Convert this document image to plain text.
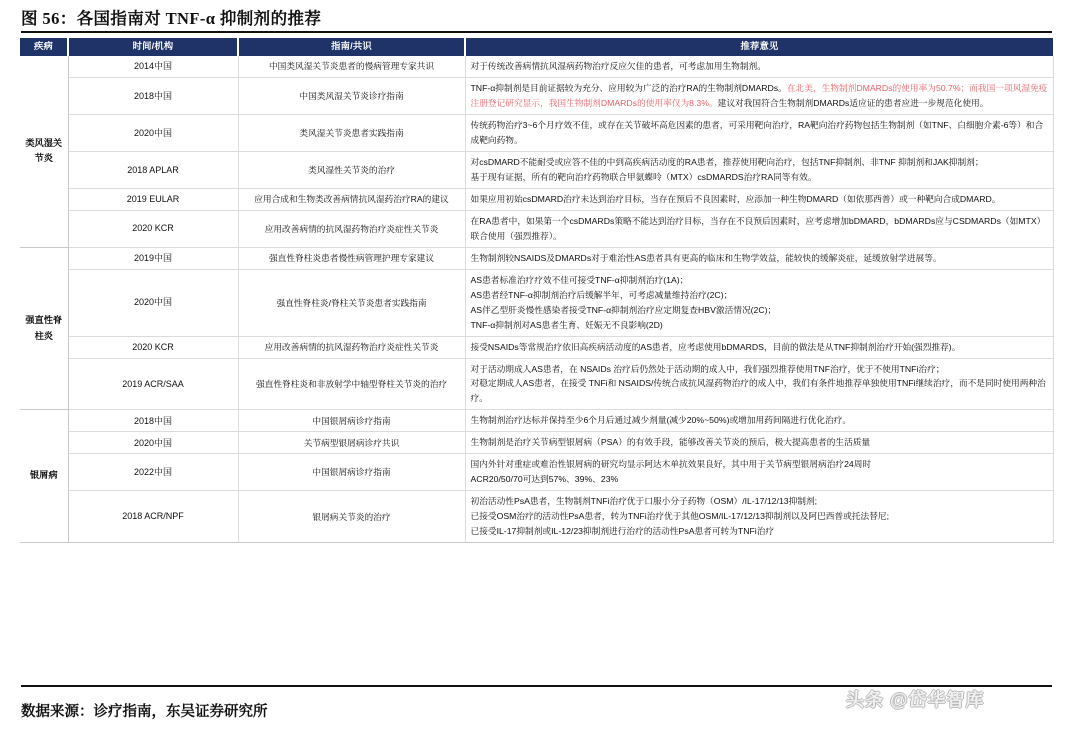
图 56：各国指南对 TNF-α 抑制剂的推荐
疾病	时间/机构	指南/共识	推荐意见
类风湿关节炎	2014中国	中国类风湿关节炎患者的慢病管理专家共识	对于传统改善病情抗风湿病药物治疗反应欠佳的患者，可考虑加用生物制剂。

	2018中国	中国类风湿关节炎诊疗指南	TNF-α抑制剂是目前证据较为充分、应用较为广泛的治疗RA的生物制剂DMARDs。在北美，生物制剂DMARDs的使用率为50.7%；而我国一项风湿免疫注册登记研究显示，我国生物制剂DMARDs的使用率仅为8.3%。建议对我国符合生物制剂DMARDs适应证的患者应进一步规范化使用。

	2020中国	类风湿关节炎患者实践指南	传统药物治疗3~6个月疗效不佳，或存在关节破坏高危因素的患者，可采用靶向治疗，RA靶向治疗药物包括生物制剂（如TNF、白细胞介素-6等）和合成靶向药物。

	2018 APLAR	类风湿性关节炎的治疗	对csDMARD不能耐受或应答不佳的中到高疾病活动度的RA患者，推荐使用靶向治疗，包括TNF抑制剂、非TNF 抑制剂和JAK抑制剂；

基于现有证据，所有的靶向治疗药物联合甲氨蝶呤（MTX）csDMARDS治疗RA同等有效。

	2019 EULAR	应用合成和生物类改善病情抗风湿药治疗RA的建议	如果应用初始csDMARD治疗未达到治疗目标，当存在预后不良因素时，应添加一种生物DMARD（如依那西普）或一种靶向合成DMARD。

	2020 KCR	应用改善病情的抗风湿药物治疗炎症性关节炎	在RA患者中，如果第一个csDMARDs策略不能达到治疗目标，当存在不良预后因素时，应考虑增加bDMARD，bDMARDs应与CSDMARDs（如MTX）联合使用（强烈推荐）。

强直性脊柱炎	2019中国	强直性脊柱炎患者慢性病管理护理专家建议	生物制剂较NSAIDS及DMARDs对于难治性AS患者具有更高的临床和生物学效益，能较快的缓解炎症，延缓放射学进展等。

	2020中国	强直性脊柱炎/脊柱关节炎患者实践指南	AS患者标准治疗疗效不佳可接受TNF-α抑制剂治疗(1A)；

AS患者经TNF-α抑制剂治疗后缓解半年，可考虑减量维持治疗(2C)；

AS伴乙型肝炎慢性感染者接受TNF-α抑制剂治疗应定期复查HBV激活情况(2C)；

TNF-α抑制剂对AS患者生育、妊娠无不良影响(2D)

	2020 KCR	应用改善病情的抗风湿药物治疗炎症性关节炎	接受NSAIDs等常规治疗依旧高疾病活动度的AS患者，应考虑使用bDMARDS，目前的做法是从TNF抑制剂治疗开始(强烈推荐)。

	2019 ACR/SAA	强直性脊柱炎和非放射学中轴型脊柱关节炎的治疗	对于活动期成人AS患者，在 NSAIDs 治疗后仍然处于活动期的成人中，我们强烈推荐使用TNF治疗，优于不使用TNFi治疗；

对稳定期成人AS患者，在接受 TNFi和 NSAIDS/传统合成抗风湿药物治疗的成人中，我们有条件地推荐单独使用TNFi继续治疗，而不是同时使用两种治疗。

银屑病	2018中国	中国银屑病诊疗指南	生物制剂治疗达标并保持至少6个月后通过减少剂量(减少20%~50%)或增加用药间隔进行优化治疗。

	2020中国	关节病型银屑病诊疗共识	生物制剂是治疗关节病型银屑病（PSA）的有效手段，能够改善关节炎的预后，极大提高患者的生活质量

	2022中国	中国银屑病诊疗指南	国内外针对重症或难治性银屑病的研究均显示阿达木单抗效果良好，其中用于关节病型银屑病治疗24周时

ACR20/50/70可达到57%、39%、23%

	2018 ACR/NPF	银屑病关节炎的治疗	初治活动性PsA患者，生物制剂TNFi治疗优于口服小分子药物（OSM）/IL-17/12/13抑制剂;

已接受OSM治疗的活动性PsA患者，转为TNFi治疗优于其他OSM/IL-17/12/13抑制剂以及阿巴西普或托法替尼;

已接受IL-17抑制剂或IL-12/23抑制剂进行治疗的活动性PsA患者可转为TNFi治疗

数据来源：诊疗指南，东吴证券研究所
头条 @岱华智库
